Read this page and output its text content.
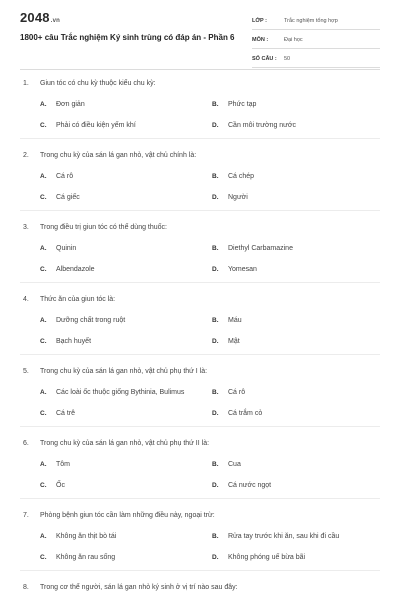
2048.vn
1800+ câu Trắc nghiệm Ký sinh trùng có đáp án - Phần 6
LỚP :	Trắc nghiệm tổng hợp
MÔN :	Đại học
SỐ CÂU : 50
1. Giun tóc có chu kỳ thuộc kiểu chu kỳ:
A. Đơn giản	B. Phức tạp
C. Phải có điều kiện yếm khí	D. Cần môi trường nước
2. Trong chu kỳ của sán lá gan nhỏ, vật chủ chính là:
A. Cá rô	B. Cá chép
C. Cá giếc	D. Người
3. Trong điều trị giun tóc có thể dùng thuốc:
A. Quinin	B. Diethyl Carbamazine
C. Albendazole	D. Yomesan
4. Thức ăn của giun tóc là:
A. Dưỡng chất trong ruột	B. Máu
C. Bạch huyết	D. Mật
5. Trong chu kỳ của sán lá gan nhỏ, vật chủ phụ thứ I là:
A. Các loài ốc thuộc giống Bythinia, Bulimus	B. Cá rô
C. Cá trê	D. Cá trắm cỏ
6. Trong chu kỳ của sán lá gan nhỏ, vật chủ phụ thứ II là:
A. Tôm	B. Cua
C. Ốc	D. Cá nước ngọt
7. Phòng bệnh giun tóc cần làm những điều này, ngoại trừ:
A. Không ăn thịt bò tái	B. Rửa tay trước khi ăn, sau khi đi cầu
C. Không ăn rau sống	D. Không phóng uế bừa bãi
8. Trong cơ thể người, sán lá gan nhỏ ký sinh ở vị trí nào sau đây:
